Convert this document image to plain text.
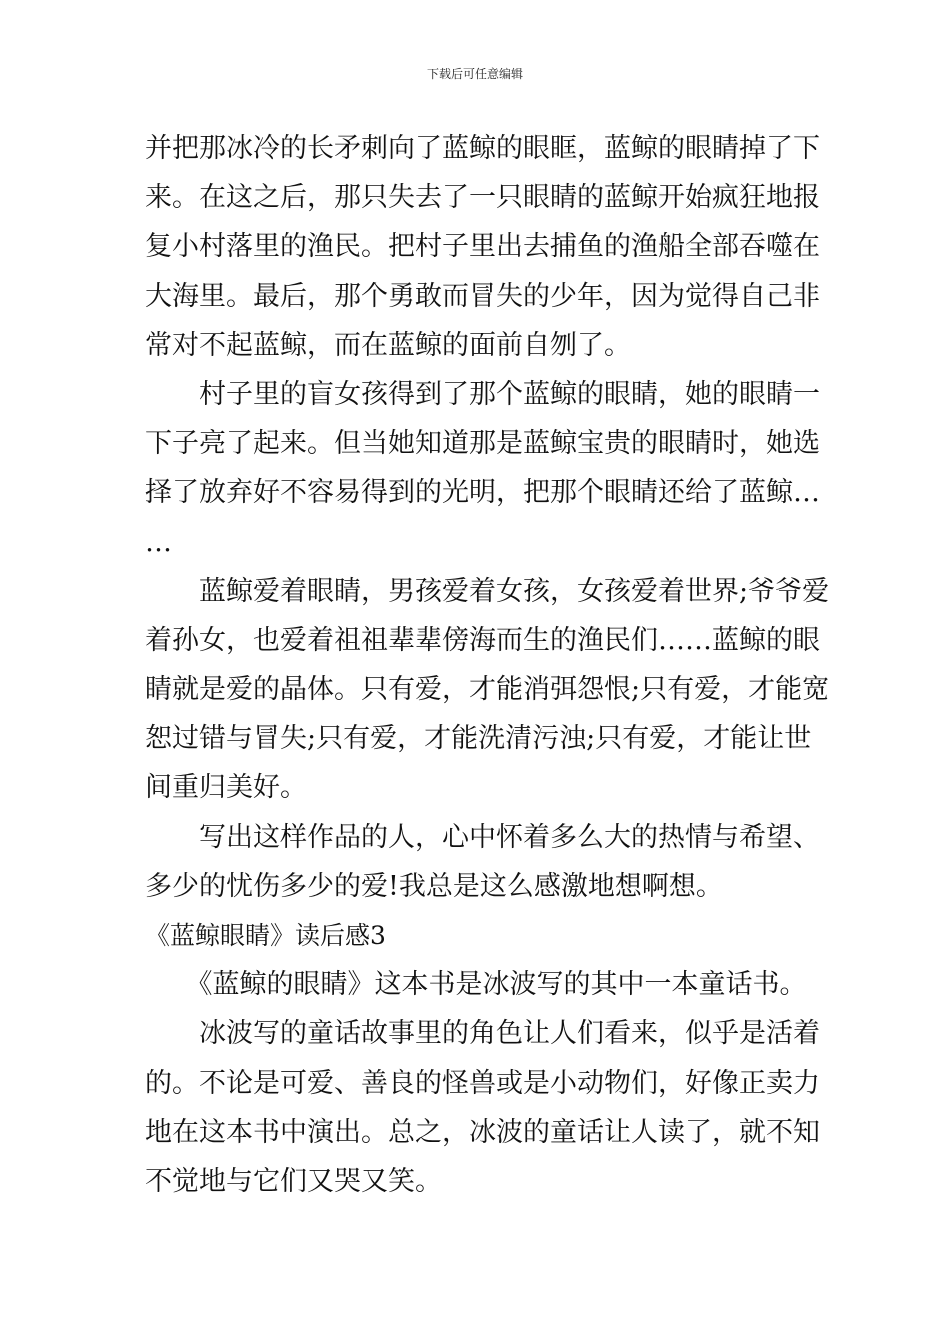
下载后可任意编辑
并把那冰冷的长矛刺向了蓝鲸的眼眶，蓝鲸的眼睛掉了下
来。在这之后，那只失去了一只眼睛的蓝鲸开始疯狂地报
复小村落里的渔民。把村子里出去捕鱼的渔船全部吞噬在
大海里。最后，那个勇敢而冒失的少年，因为觉得自己非
常对不起蓝鲸，而在蓝鲸的面前自刎了。
　　村子里的盲女孩得到了那个蓝鲸的眼睛，她的眼睛一
下子亮了起来。但当她知道那是蓝鲸宝贵的眼睛时，她选
择了放弃好不容易得到的光明，把那个眼睛还给了蓝鲸…
…
　　蓝鲸爱着眼睛，男孩爱着女孩，女孩爱着世界;爷爷爱
着孙女，也爱着祖祖辈辈傍海而生的渔民们……蓝鲸的眼
睛就是爱的晶体。只有爱，才能消弭怨恨;只有爱，才能宽
恕过错与冒失;只有爱，才能洗清污浊;只有爱，才能让世
间重归美好。
　　写出这样作品的人，心中怀着多么大的热情与希望、
多少的忧伤多少的爱!我总是这么感激地想啊想。
《蓝鲸眼睛》读后感3
　　《蓝鲸的眼睛》这本书是冰波写的其中一本童话书。
　　冰波写的童话故事里的角色让人们看来，似乎是活着
的。不论是可爱、善良的怪兽或是小动物们，好像正卖力
地在这本书中演出。总之，冰波的童话让人读了，就不知
不觉地与它们又哭又笑。
